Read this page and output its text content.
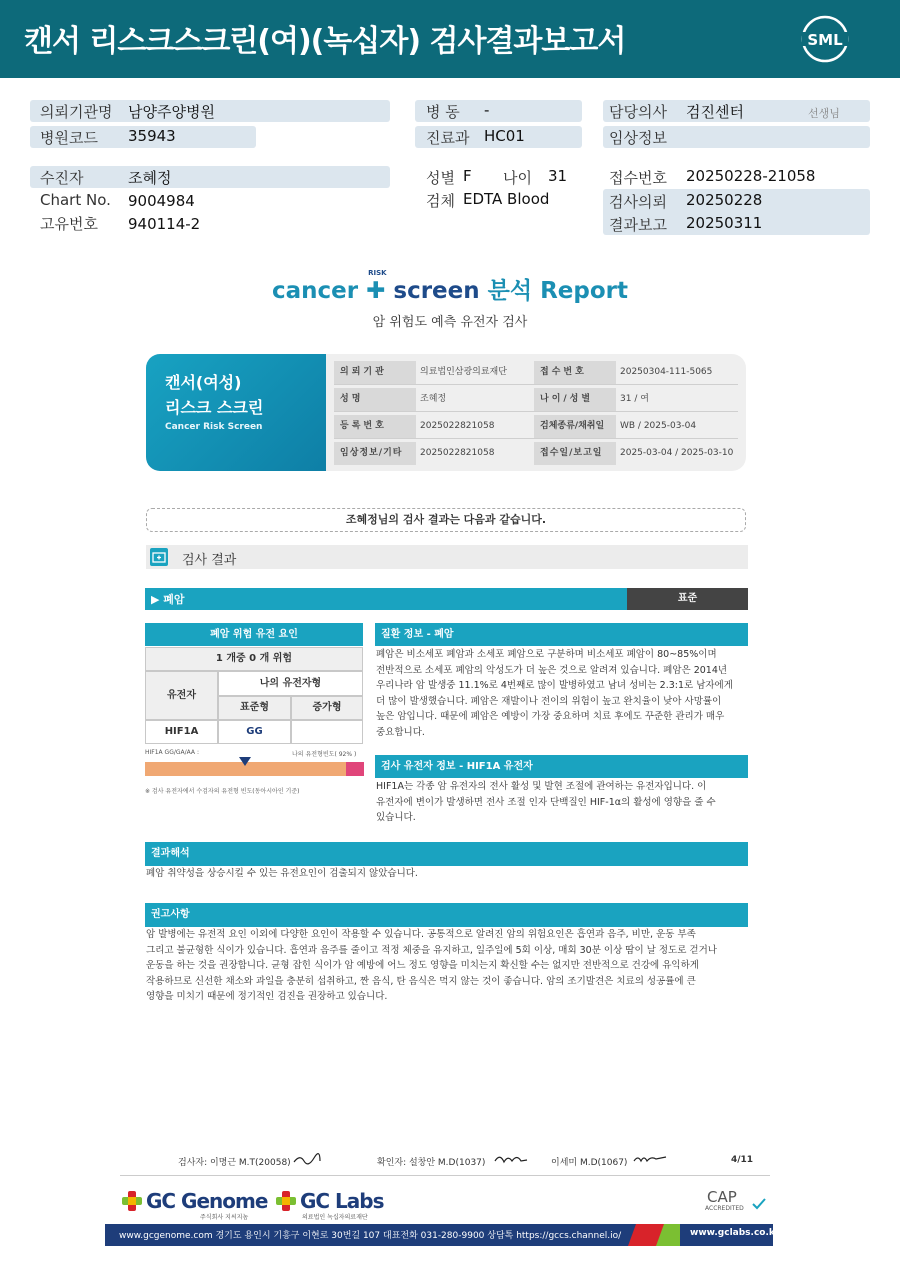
캔서 리스크스크린(여)(녹십자) 검사결과보고서	SML
의뢰기관명 남양주양병원
병원코드 35943
병 동 -
진료과 HC01
담당의사 검진센터	선생님
임상정보
수진자	조혜정
Chart No. 9004984
고유번호 940114-2
성별 F 나이 31
검체 EDTA Blood
접수번호 20250228-21058
검사의뢰 20250228
결과보고 20250311
cancer
RISK
✚ screen 분석 Report
암 위험도 예측 유전자 검사
캔서(여성)
리스크 스크린
Cancer Risk Screen
의뢰기관	의료법인삼광의료재단	접수번호	20250304-111-5065
성명	조혜정	나이/성별	31 / 여
등록번호	2025022821058	검체종류/채취일	WB / 2025-03-04
임상정보/기타	2025022821058	접수일/보고일	2025-03-04 / 2025-03-10
조혜정님의 검사 결과는 다음과 같습니다.
검사 결과
▶ 폐암	표준
폐암 위험 유전 요인
1 개중 0 개 위험
유전자
나의 유전자형
표준형	증가형
HIF1A	GG
HIF1A GG/GA/AA :	나의 유전형빈도( 92% )
※ 검사 유전자에서 수검자의 유전형 빈도(동아시아인 기준)
질환 정보 - 폐암
폐암은 비소세포 폐암과 소세포 폐암으로 구분하며 비소세포 폐암이 80~85%이며
전반적으로 소세포 폐암의 악성도가 더 높은 것으로 알려져 있습니다. 폐암은 2014년
우리나라 암 발생중 11.1%로 4번째로 많이 발병하였고 남녀 성비는 2.3:1로 남자에게
더 많이 발생했습니다. 폐암은 재발이나 전이의 위험이 높고 완치율이 낮아 사망률이
높은 암입니다. 때문에 폐암은 예방이 가장 중요하며 치료 후에도 꾸준한 관리가 매우
중요합니다.
검사 유전자 정보 - HIF1A 유전자
HIF1A는 각종 암 유전자의 전사 활성 및 발현 조절에 관여하는 유전자입니다. 이
유전자에 변이가 발생하면 전사 조절 인자 단백질인 HIF-1α의 활성에 영향을 줄 수
있습니다.
결과해석
폐암 취약성을 상승시킬 수 있는 유전요인이 검출되지 않았습니다.
권고사항
암 발병에는 유전적 요인 이외에 다양한 요인이 작용할 수 있습니다. 공통적으로 알려진 암의 위험요인은 흡연과 음주, 비만, 운동 부족
그리고 불균형한 식이가 있습니다. 흡연과 음주를 줄이고 적정 체중을 유지하고, 일주일에 5회 이상, 매회 30분 이상 땀이 날 정도로 걷거나
운동을 하는 것을 권장합니다. 균형 잡힌 식이가 암 예방에 어느 정도 영향을 미치는지 확신할 수는 없지만 전반적으로 건강에 유익하게
작용하므로 신선한 채소와 과일을 충분히 섭취하고, 짠 음식, 탄 음식은 먹지 않는 것이 좋습니다. 암의 조기발견은 치료의 성공률에 큰
영향을 미치기 때문에 정기적인 검진을 권장하고 있습니다.
검사자: 이명근 M.T(20058)	확인자: 설창안 M.D(1037)	이세미 M.D(1067)	4/11
GC Genome
주식회사 지씨지놈
GC Labs
의료법인 녹십자의료재단
CAP
ACCREDITED
www.gcgenome.com 경기도 용인시 기흥구 이현로 30번길 107 대표전화 031-280-9900 상담톡 https://gccs.channel.io/	www.gclabs.co.kr
